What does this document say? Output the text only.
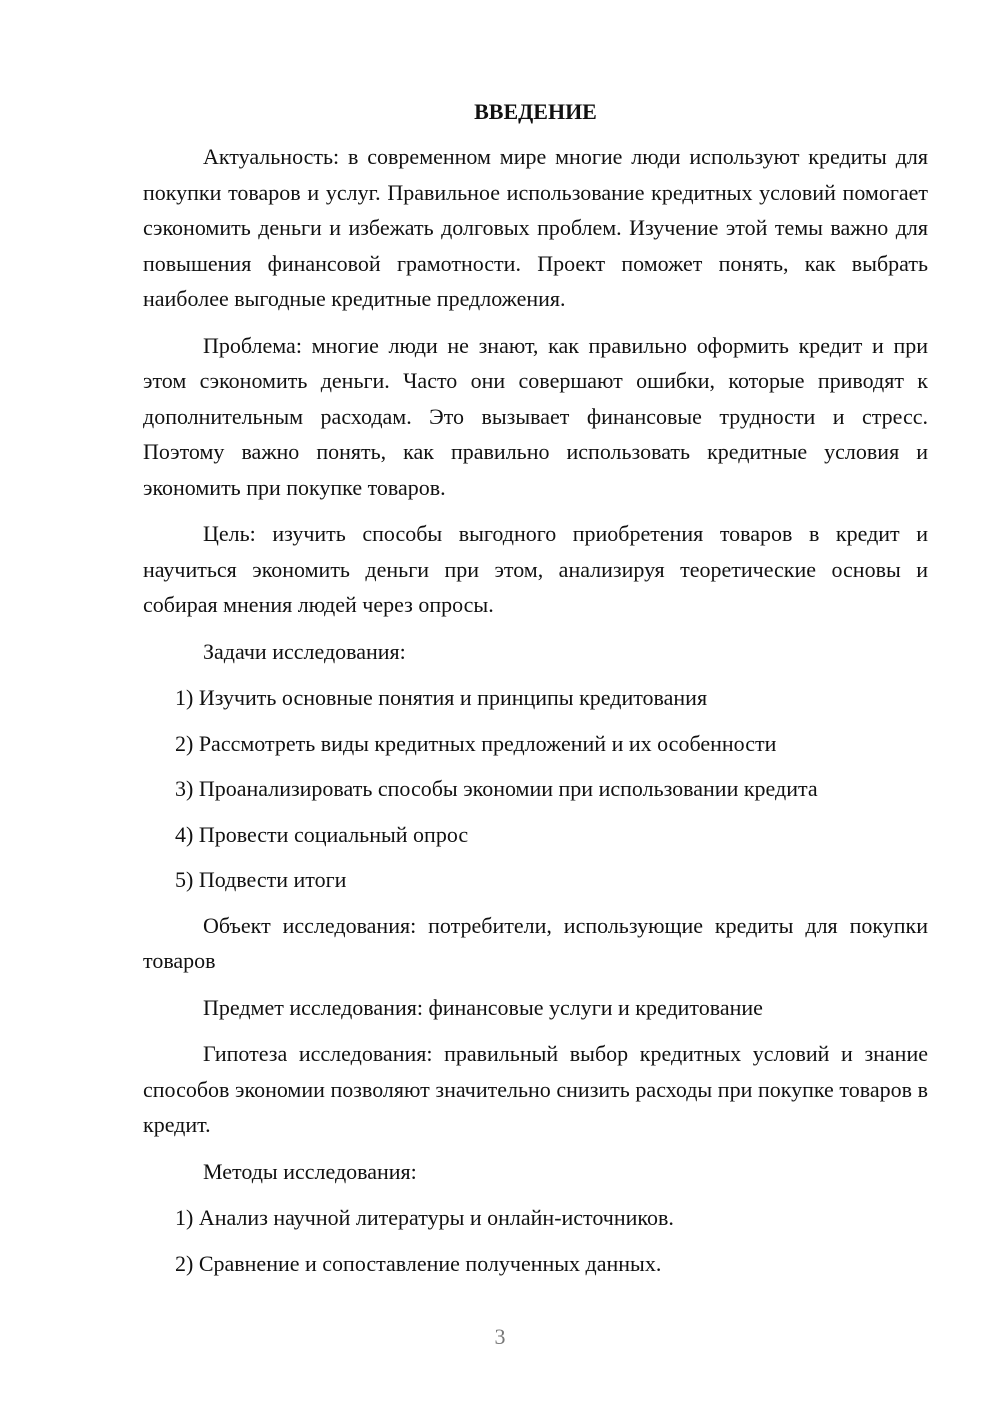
ВВЕДЕНИЕ

Актуальность: в современном мире многие люди используют кредиты для покупки товаров и услуг. Правильное использование кредитных условий помогает сэкономить деньги и избежать долговых проблем. Изучение этой темы важно для повышения финансовой грамотности. Проект поможет понять, как выбрать наиболее выгодные кредитные предложения.

Проблема: многие люди не знают, как правильно оформить кредит и при этом сэкономить деньги. Часто они совершают ошибки, которые приводят к дополнительным расходам. Это вызывает финансовые трудности и стресс. Поэтому важно понять, как правильно использовать кредитные условия и экономить при покупке товаров.

Цель: изучить способы выгодного приобретения товаров в кредит и научиться экономить деньги при этом, анализируя теоретические основы и собирая мнения людей через опросы.

Задачи исследования:

1) Изучить основные понятия и принципы кредитования
2) Рассмотреть виды кредитных предложений и их особенности
3) Проанализировать способы экономии при использовании кредита
4) Провести социальный опрос
5) Подвести итоги

Объект исследования: потребители, использующие кредиты для покупки товаров

Предмет исследования: финансовые услуги и кредитование

Гипотеза исследования: правильный выбор кредитных условий и знание способов экономии позволяют значительно снизить расходы при покупке товаров в кредит.

Методы исследования:

1) Анализ научной литературы и онлайн-источников.
2) Сравнение и сопоставление полученных данных.
3
